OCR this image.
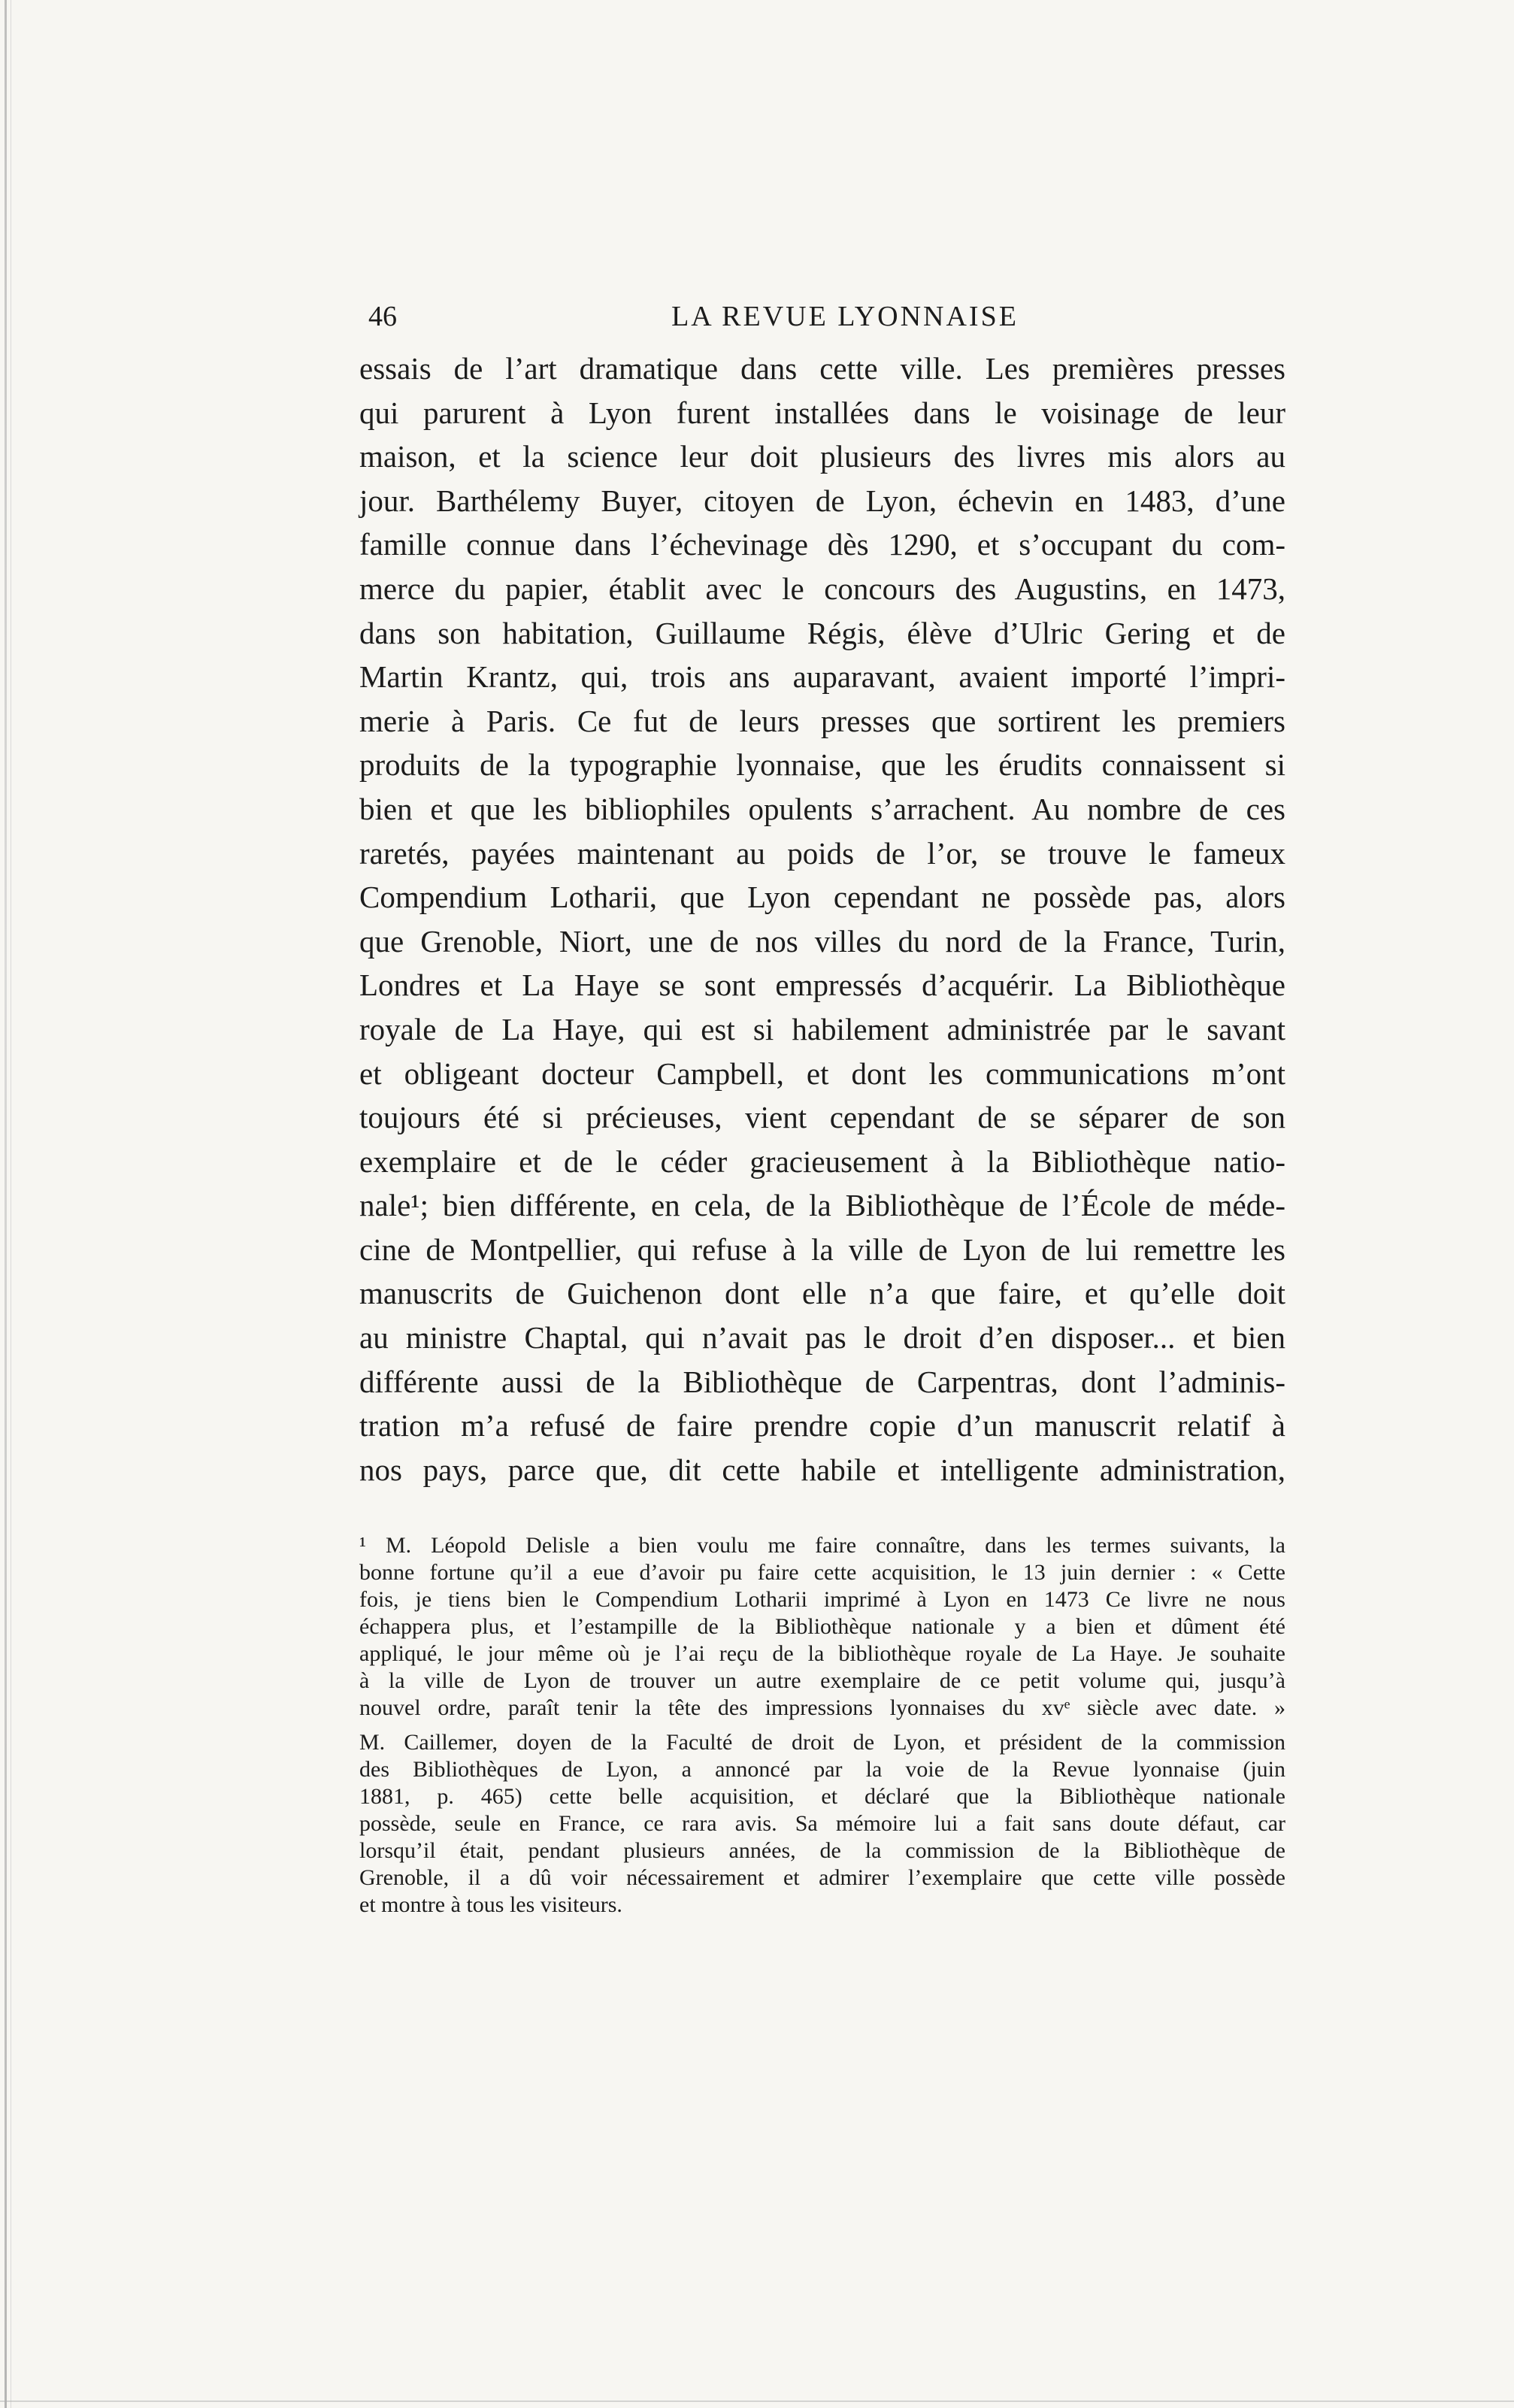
46	LA REVUE LYONNAISE
essais de l’art dramatique dans cette ville. Les premières presses
qui parurent à Lyon furent installées dans le voisinage de leur
maison, et la science leur doit plusieurs des livres mis alors au
jour. Barthélemy Buyer, citoyen de Lyon, échevin en 1483, d’une
famille connue dans l’échevinage dès 1290, et s’occupant du com-
merce du papier, établit avec le concours des Augustins, en 1473,
dans son habitation, Guillaume Régis, élève d’Ulric Gering et de
Martin Krantz, qui, trois ans auparavant, avaient importé l’impri-
merie à Paris. Ce fut de leurs presses que sortirent les premiers
produits de la typographie lyonnaise, que les érudits connaissent si
bien et que les bibliophiles opulents s’arrachent. Au nombre de ces
raretés, payées maintenant au poids de l’or, se trouve le fameux
Compendium Lotharii, que Lyon cependant ne possède pas, alors
que Grenoble, Niort, une de nos villes du nord de la France, Turin,
Londres et La Haye se sont empressés d’acquérir. La Bibliothèque
royale de La Haye, qui est si habilement administrée par le savant
et obligeant docteur Campbell, et dont les communications m’ont
toujours été si précieuses, vient cependant de se séparer de son
exemplaire et de le céder gracieusement à la Bibliothèque natio-
nale¹; bien différente, en cela, de la Bibliothèque de l’École de méde-
cine de Montpellier, qui refuse à la ville de Lyon de lui remettre les
manuscrits de Guichenon dont elle n’a que faire, et qu’elle doit
au ministre Chaptal, qui n’avait pas le droit d’en disposer... et bien
différente aussi de la Bibliothèque de Carpentras, dont l’adminis-
tration m’a refusé de faire prendre copie d’un manuscrit relatif à
nos pays, parce que, dit cette habile et intelligente administration,
¹ M. Léopold Delisle a bien voulu me faire connaître, dans les termes suivants, la
bonne fortune qu’il a eue d’avoir pu faire cette acquisition, le 13 juin dernier : « Cette
fois, je tiens bien le Compendium Lotharii imprimé à Lyon en 1473 Ce livre ne nous
échappera plus, et l’estampille de la Bibliothèque nationale y a bien et dûment été
appliqué, le jour même où je l’ai reçu de la bibliothèque royale de La Haye. Je souhaite
à la ville de Lyon de trouver un autre exemplaire de ce petit volume qui, jusqu’à
nouvel ordre, paraît tenir la tête des impressions lyonnaises du xvᵉ siècle avec date. »
M. Caillemer, doyen de la Faculté de droit de Lyon, et président de la commission
des Bibliothèques de Lyon, a annoncé par la voie de la Revue lyonnaise (juin
1881, p. 465) cette belle acquisition, et déclaré que la Bibliothèque nationale
possède, seule en France, ce rara avis. Sa mémoire lui a fait sans doute défaut, car
lorsqu’il était, pendant plusieurs années, de la commission de la Bibliothèque de
Grenoble, il a dû voir nécessairement et admirer l’exemplaire que cette ville possède
et montre à tous les visiteurs.
